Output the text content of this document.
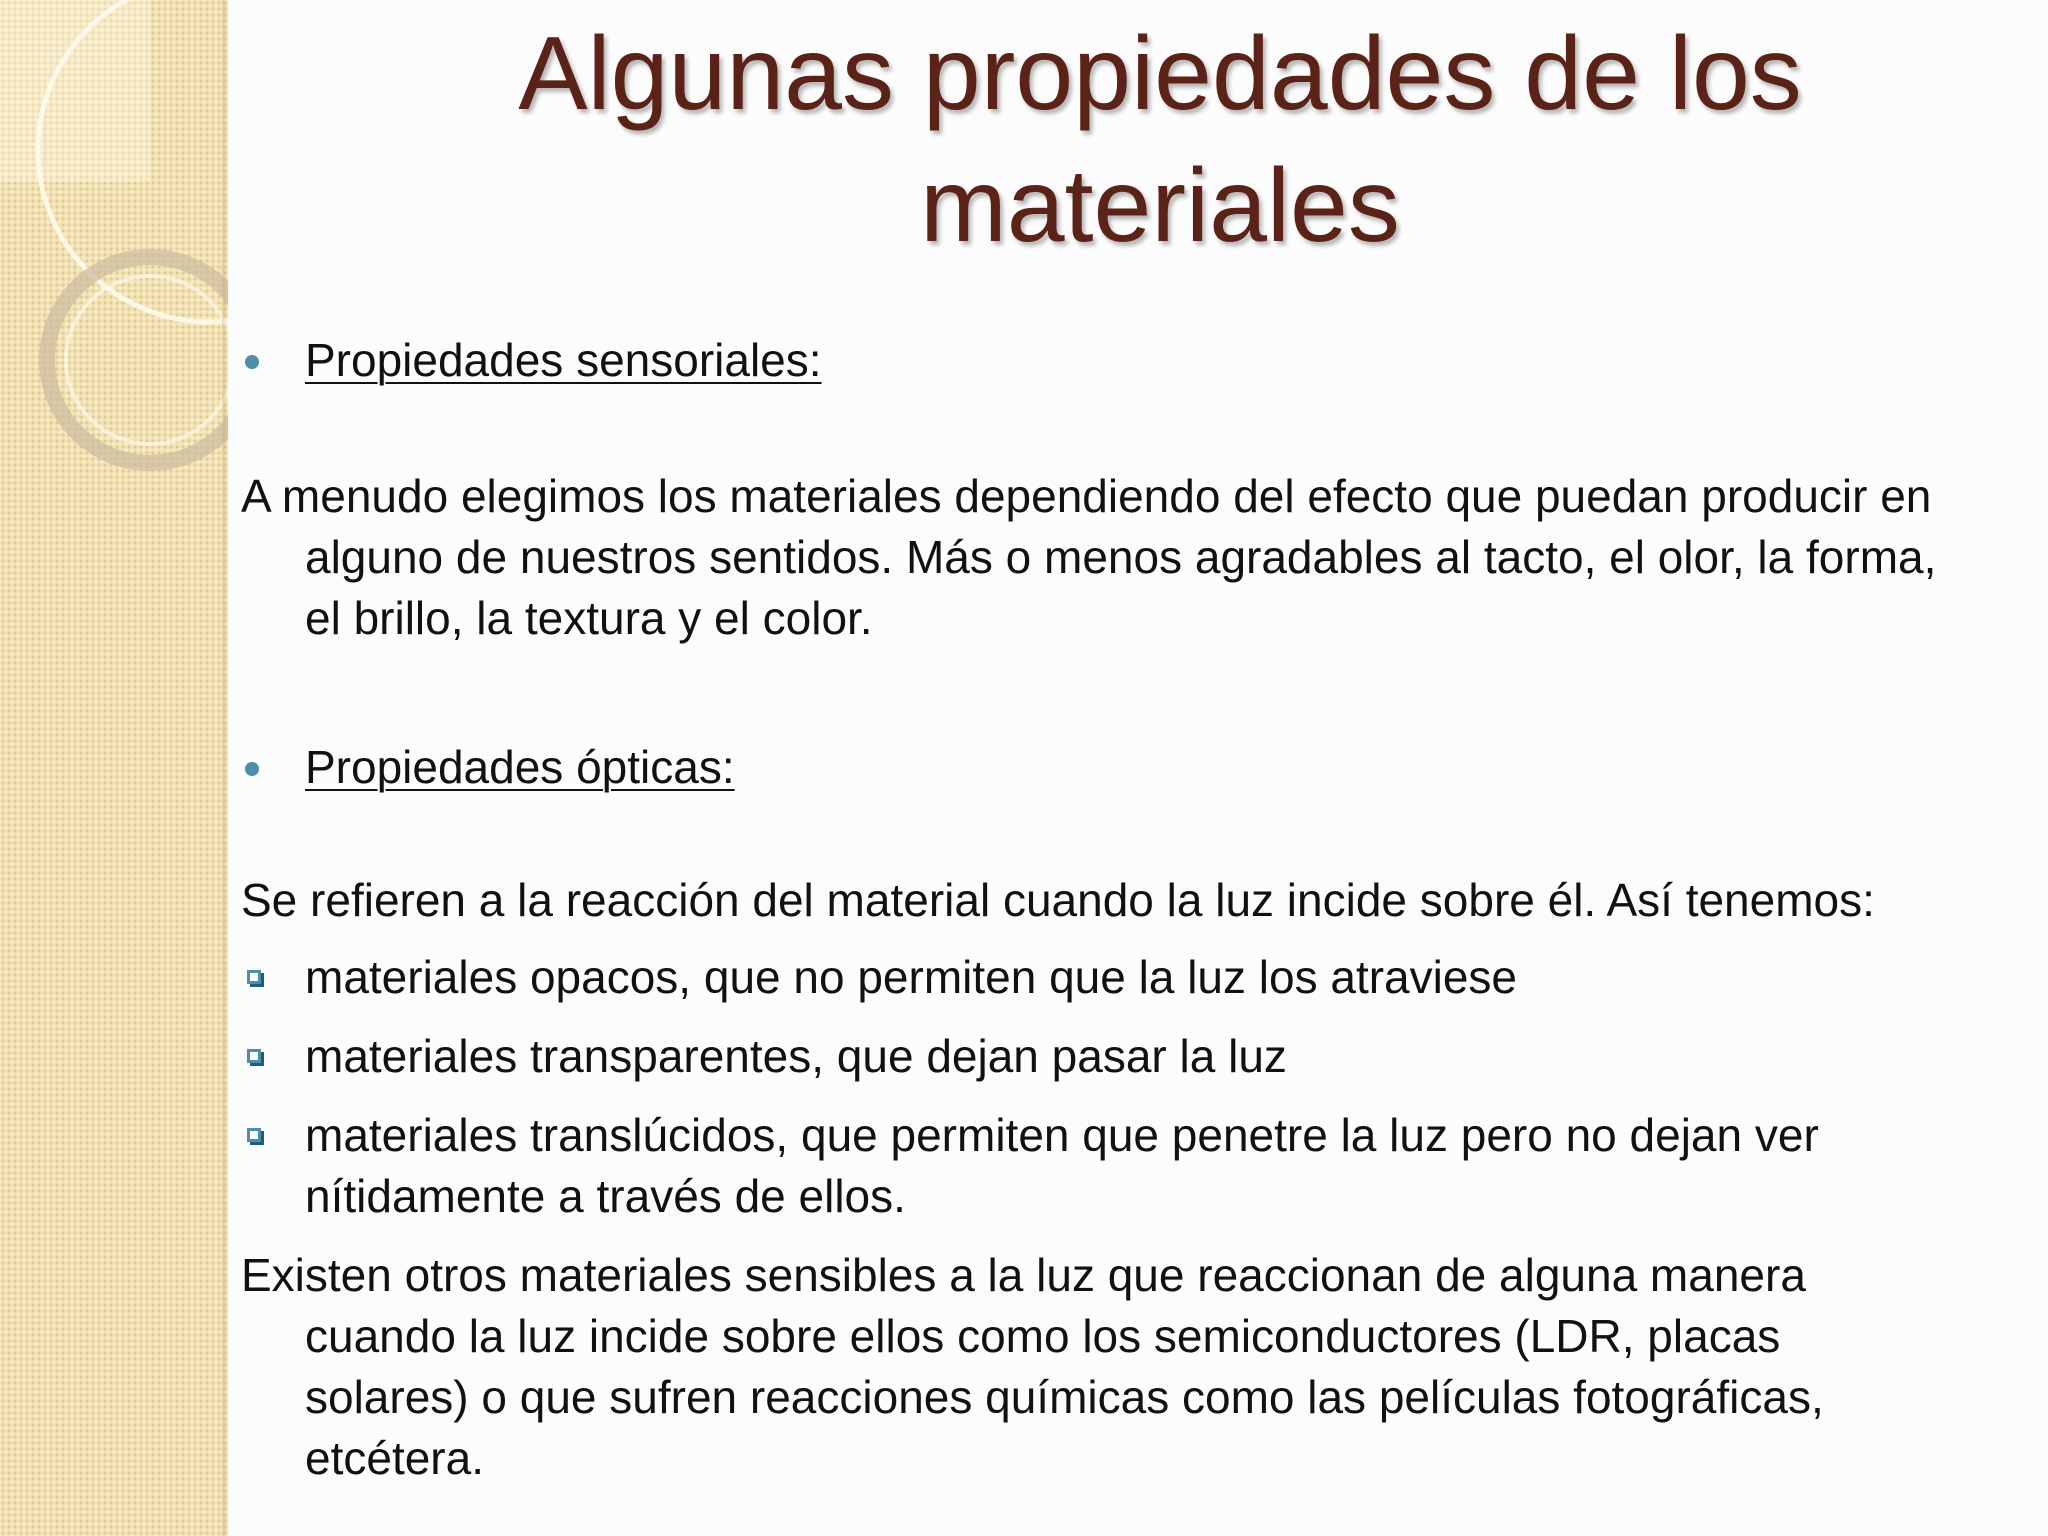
Algunas propiedades de los materiales
Propiedades sensoriales:

A menudo elegimos los materiales dependiendo del efecto que puedan producir en alguno de nuestros sentidos. Más o menos agradables al tacto, el olor, la forma, el brillo, la textura y el color.

Propiedades ópticas:

Se refieren a la reacción del material cuando la luz incide sobre él. Así tenemos:

materiales opacos, que no permiten que la luz los atraviese
materiales transparentes, que dejan pasar la luz
materiales translúcidos, que permiten que penetre la luz pero no dejan ver nítidamente a través de ellos.

Existen otros materiales sensibles a la luz que reaccionan de alguna manera cuando la luz incide sobre ellos como los semiconductores (LDR, placas solares) o que sufren reacciones químicas como las películas fotográficas, etcétera.
